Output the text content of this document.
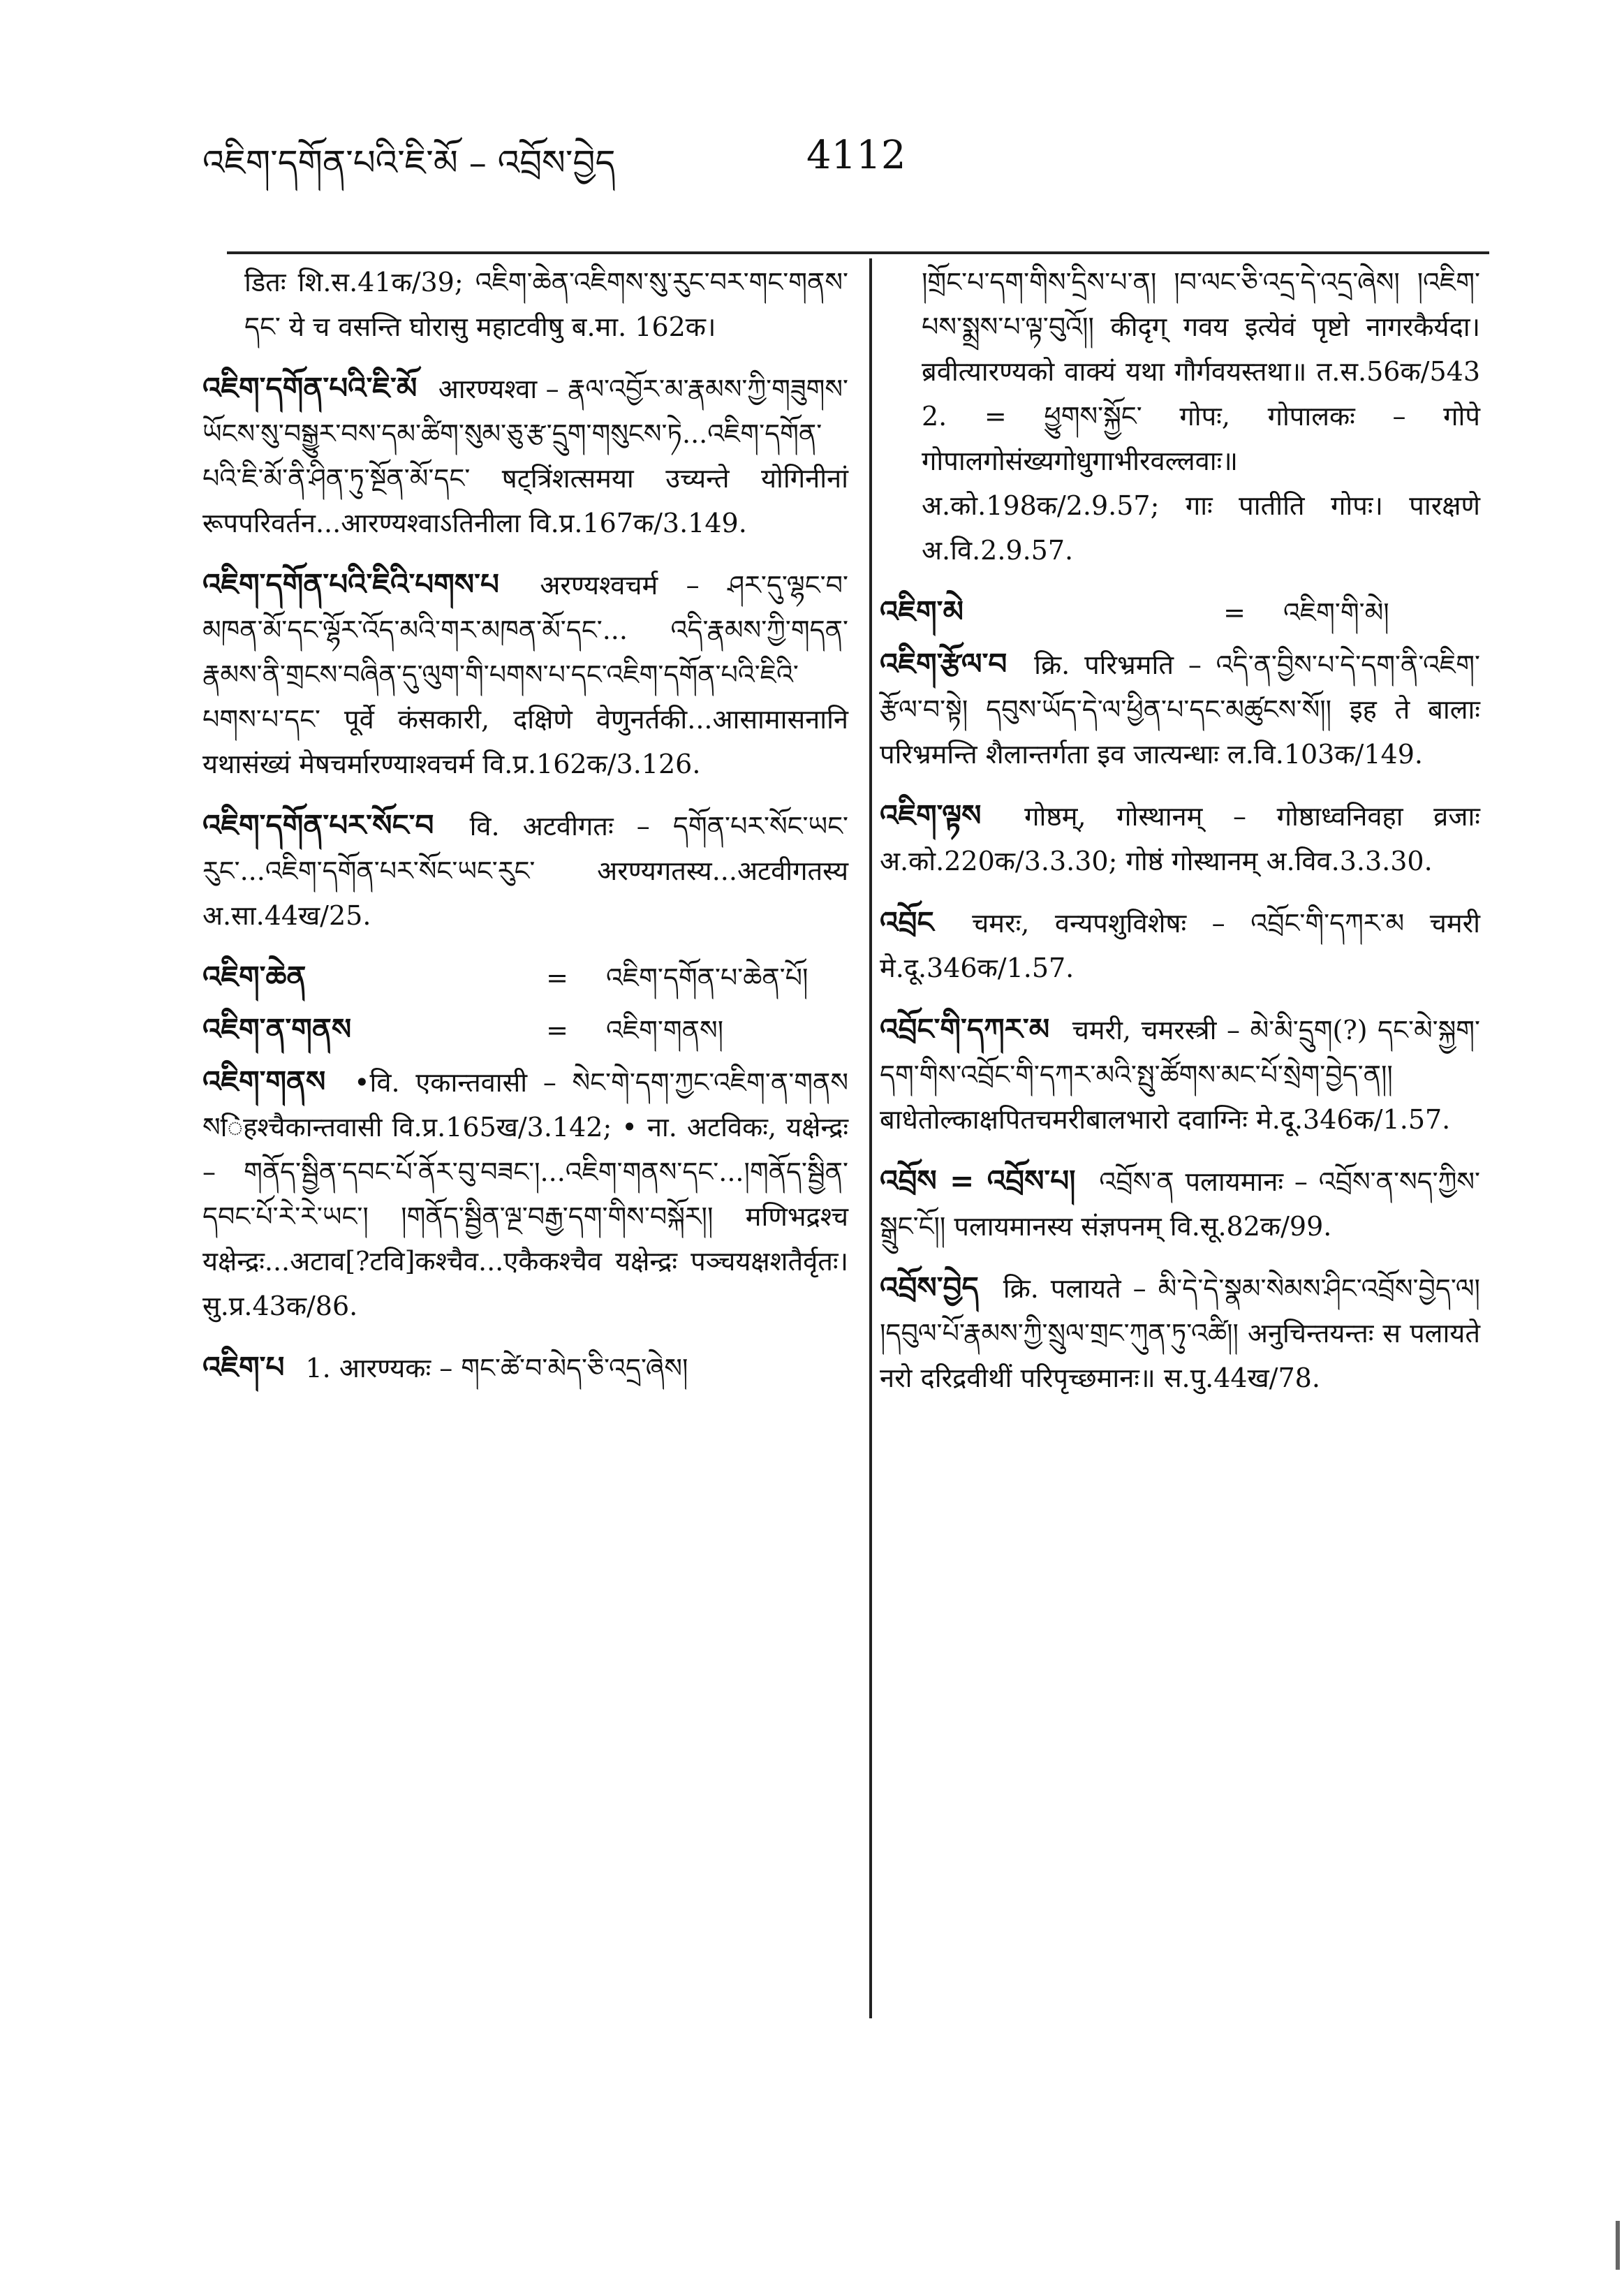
འཇིག་དགོན་པའི་ཇི་མོ – འབྲོས་བྱེད	4112
डितः शि.स.41क/39; འཇིག་ཆེན་འཇིགས་སུ་རུང་བར་གང་གནས་དང་ ये च वसन्ति घोरासु महाटवीषु ब.मा. 162क।
འཇིག་དགོན་པའི་ཇི་མོ आरण्यश्वा – རྣལ་འབྱོར་མ་རྣམས་ཀྱི་གཟུགས་ཡོངས་སུ་བསྒྱུར་བས་དམ་ཚིག་སུམ་ཅུ་རྩ་དྲུག་གསུངས་ཏེ...འཇིག་དགོན་པའི་ཇི་མོ་ནི་ཤིན་ཏུ་སྔོན་མོ་དང་ षट्त्रिंशत्समया उच्यन्ते योगिनीनां रूपपरिवर्तन...आरण्यश्वाऽतिनीला वि.प्र.167क/3.149.
འཇིག་དགོན་པའི་ཇིའི་པགས་པ अरण्यश्वचर्म – ཤར་དུ་ལྷང་བ་མཁན་མོ་དང་ལྷོར་འོད་མའི་གར་མཁན་མོ་དང་... འདི་རྣམས་ཀྱི་གདན་རྣམས་ནི་གྲངས་བཞིན་དུ་ལུག་གི་པགས་པ་དང་འཇིག་དགོན་པའི་ཇིའི་པགས་པ་དང་ पूर्वे कंसकारी, दक्षिणे वेणुनर्तकी...आसामासनानि यथासंख्यं मेषचर्मारण्याश्वचर्म वि.प्र.162क/3.126.
འཇིག་དགོན་པར་སོང་བ वि. अटवीगतः – དགོན་པར་སོང་ཡང་རུང་...འཇིག་དགོན་པར་སོང་ཡང་རུང་ अरण्यगतस्य...अटवीगतस्य अ.सा.44ख/25.
འཇིག་ཆེན	=	འཇིག་དགོན་པ་ཆེན་པོ།
འཇིག་ན་གནས	=	འཇིག་གནས།
འཇིག་གནས •वि. एकान्तवासी – སེང་གེ་དག་ཀྱང་འཇིག་ན་གནས སिंहश्चैकान्तवासी वि.प्र.165ख/3.142; • ना. अटविकः, यक्षेन्द्रः – གནོད་སྦྱིན་དབང་པོ་ནོར་བུ་བཟང་།...འཇིག་གནས་དང་...།གནོད་སྦྱིན་དབང་པོ་རེ་རེ་ཡང་། །གནོད་སྦྱིན་ལྔ་བརྒྱ་དག་གིས་བསྐོར།། मणिभद्रश्च यक्षेन्द्रः...अटाव[?टवि]कश्चैव...एकैकश्चैव यक्षेन्द्रः पञ्चयक्षशतैर्वृतः। सु.प्र.43क/86.
འཇིག་པ 1. आरण्यकः – གང་ཚེ་བ་མེད་ཅི་འདྲ་ཞེས།
།གྲོང་པ་དག་གིས་དྲིས་པ་ན། །བ་ལང་ཅི་འདྲ་དེ་འདྲ་ཞེས། །འཇིག་པས་སྨྲས་པ་ལྟ་བུའོ།། कीदृग् गवय इत्येवं पृष्टो नागरकैर्यदा। ब्रवीत्यारण्यको वाक्यं यथा गौर्गवयस्तथा॥ त.स.56क/543 2. = ཕྱུགས་སྐྱོང་ गोपः, गोपालकः – गोपे गोपालगोसंख्यगोधुगाभीरवल्लवाः॥ अ.को.198क/2.9.57; गाः पातीति गोपः। पारक्षणे अ.वि.2.9.57.
འཇིག་མེ	=	འཇིག་གི་མེ།
འཇིག་རྩོལ་བ क्रि. परिभ्रमति – འདི་ན་བྱིས་པ་དེ་དག་ནི་འཇིག་རྩོལ་བ་སྟེ། དབུས་ཡོད་དེ་ལ་ཕྱིན་པ་དང་མཚུངས་སོ།། इह ते बालाः परिभ्रमन्ति शैलान्तर्गता इव जात्यन्धाः ल.वि.103क/149.
འཇིག་ལྟས गोष्ठम्, गोस्थानम् – गोष्ठाध्वनिवहा व्रजाः अ.को.220क/3.3.30; गोष्ठं गोस्थानम् अ.विव.3.3.30.
འབྲོང चमरः, वन्यपशुविशेषः – འབྲོང་གི་དཀར་མ चमरी मे.दू.346क/1.57.
འབྲོང་གི་དཀར་མ चमरी, चमरस्त्री – མེ་མི་དྲུག(?) དང་མེ་སྐྱག་དག་གིས་འབྲོང་གི་དཀར་མའི་སྤུ་ཚོགས་མང་པོ་སྲེག་བྱེད་ན།། बाधेतोल्काक्षपितचमरीबालभारो दवाग्निः मे.दू.346क/1.57.
འབྲོས = འབྲོས་པ། འབྲོས་ན पलायमानः – འབྲོས་ན་སད་ཀྱིས་སྒྲུང་ངོ།། पलायमानस्य संज्ञपनम् वि.सू.82क/99.
འབྲོས་བྱེད क्रि. पलायते – མི་དེ་དེ་སྣམ་སེམས་ཤིང་འབྲོས་བྱེད་ལ། །དབུལ་པོ་རྣམས་ཀྱི་སྲུལ་གྲང་ཀུན་ཏུ་འཚི།། अनुचिन्तयन्तः स पलायते नरो दरिद्रवीथीं परिपृच्छमानः॥ स.पु.44ख/78.
